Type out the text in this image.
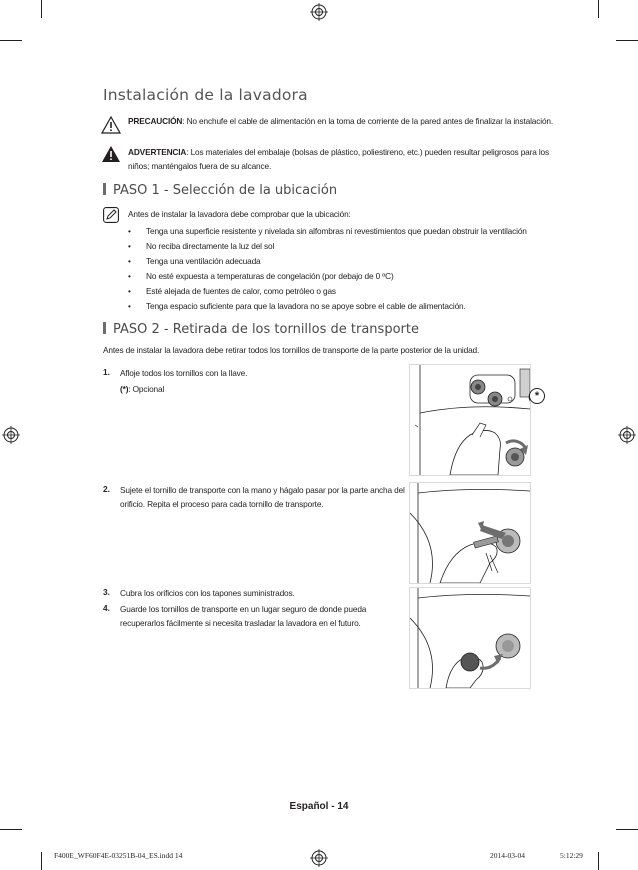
Instalación de la lavadora
PRECAUCIÓN: No enchufe el cable de alimentación en la toma de corriente de la pared antes de finalizar la instalación.
ADVERTENCIA: Los materiales del embalaje (bolsas de plástico, poliestireno, etc.) pueden resultar peligrosos para los niños; manténgalos fuera de su alcance.
PASO 1 - Selección de la ubicación
Antes de instalar la lavadora debe comprobar que la ubicación:
• Tenga una superficie resistente y nivelada sin alfombras ni revestimientos que puedan obstruir la ventilación
• No reciba directamente la luz del sol
• Tenga una ventilación adecuada
• No esté expuesta a temperaturas de congelación (por debajo de 0 ºC)
• Esté alejada de fuentes de calor, como petróleo o gas
• Tenga espacio suficiente para que la lavadora no se apoye sobre el cable de alimentación.
PASO 2 - Retirada de los tornillos de transporte
Antes de instalar la lavadora debe retirar todos los tornillos de transporte de la parte posterior de la unidad.
1. Afloje todos los tornillos con la llave.
(*): Opcional
*
2. Sujete el tornillo de transporte con la mano y hágalo pasar por la parte ancha del orificio. Repita el proceso para cada tornillo de transporte.
3. Cubra los orificios con los tapones suministrados.
4. Guarde los tornillos de transporte en un lugar seguro de donde pueda recuperarlos fácilmente si necesita trasladar la lavadora en el futuro.
Español - 14
F400E_WF60F4E-03251B-04_ES.indd 14	2014-03-04	5:12:29
